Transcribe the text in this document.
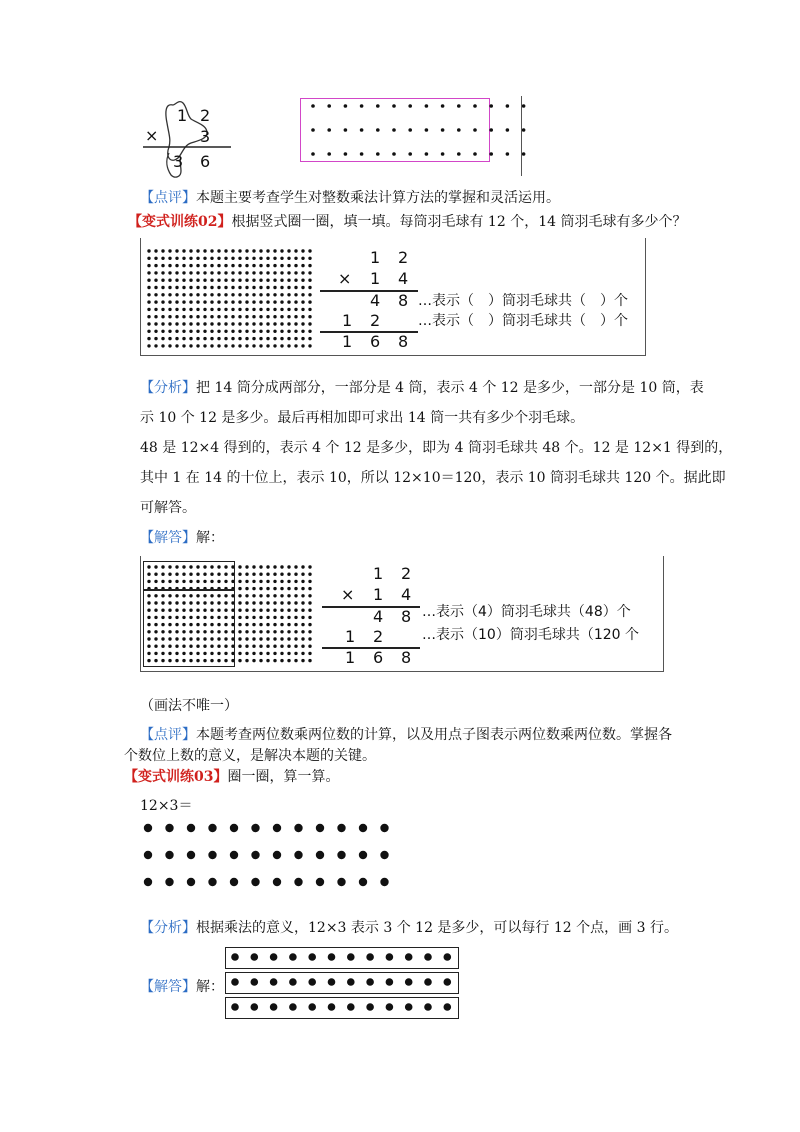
1 2
×	3
3 6
【点评】本题主要考查学生对整数乘法计算方法的掌握和灵活运用。
【变式训练02】根据竖式圈一圈，填一填。每筒羽毛球有 12 个，14 筒羽毛球有多少个？
1 2
× 1 4
4 8
1 2
1 6 8
…表示（　）筒羽毛球共（　）个
…表示（　）筒羽毛球共（　）个
【分析】把 14 筒分成两部分，一部分是 4 筒，表示 4 个 12 是多少，一部分是 10 筒，表
示 10 个 12 是多少。最后再相加即可求出 14 筒一共有多少个羽毛球。
48 是 12×4 得到的，表示 4 个 12 是多少，即为 4 筒羽毛球共 48 个。12 是 12×1 得到的，
其中 1 在 14 的十位上，表示 10，所以 12×10＝120，表示 10 筒羽毛球共 120 个。据此即
可解答。
【解答】解：
1 2
× 1 4
4 8
1 2
1 6 8
…表示（4）筒羽毛球共（48）个
…表示（10）筒羽毛球共（120 个
（画法不唯一）
【点评】本题考查两位数乘两位数的计算，以及用点子图表示两位数乘两位数。掌握各
个数位上数的意义，是解决本题的关键。
【变式训练03】圈一圈，算一算。
12×3＝
【分析】根据乘法的意义，12×3 表示 3 个 12 是多少，可以每行 12 个点，画 3 行。
【解答】解：
